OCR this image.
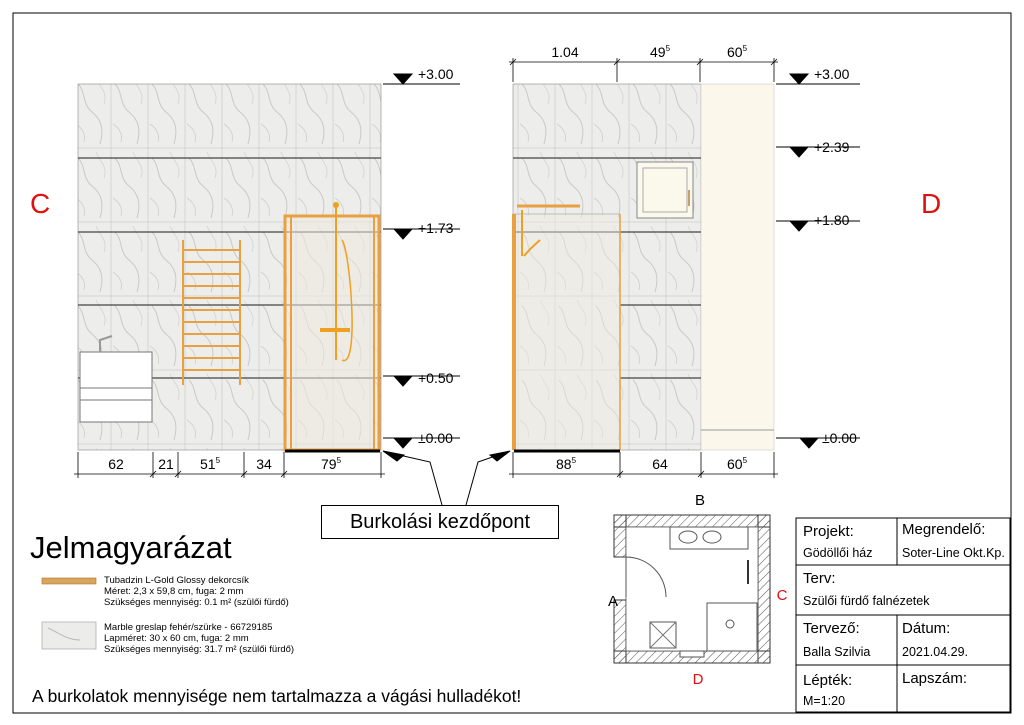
+3.00
+1.73
+0.50
±0.00
62 21 $51^5$	34	$79^5$
C
+3.00
+2.39
+1.80
±0.00
1.04	$49^5$	$60^5$
$88^5$	64	$60^5$
D
B
A	C
D
Burkolási kezdőpont
Jelmagyarázat
Tubadzin L-Gold Glossy dekorcsík
Méret: 2,3 x 59,8 cm, fuga: 2 mm
Szükséges mennyiség: 0.1 m² (szülői fürdő)
Marble greslap fehér/szürke - 66729185
Lapméret: 30 x 60 cm, fuga: 2 mm
Szükséges mennyiség: 31.7 m² (szülői fürdő)
A burkolatok mennyisége nem tartalmazza a vágási hulladékot!
Projekt:
Gödöllői ház
Megrendelő:
Soter-Line Okt.Kp.
Terv:
Szülői fürdő falnézetek
Tervező:
Balla Szilvia
Dátum:
2021.04.29.
Lépték:
M=1:20
Lapszám:
